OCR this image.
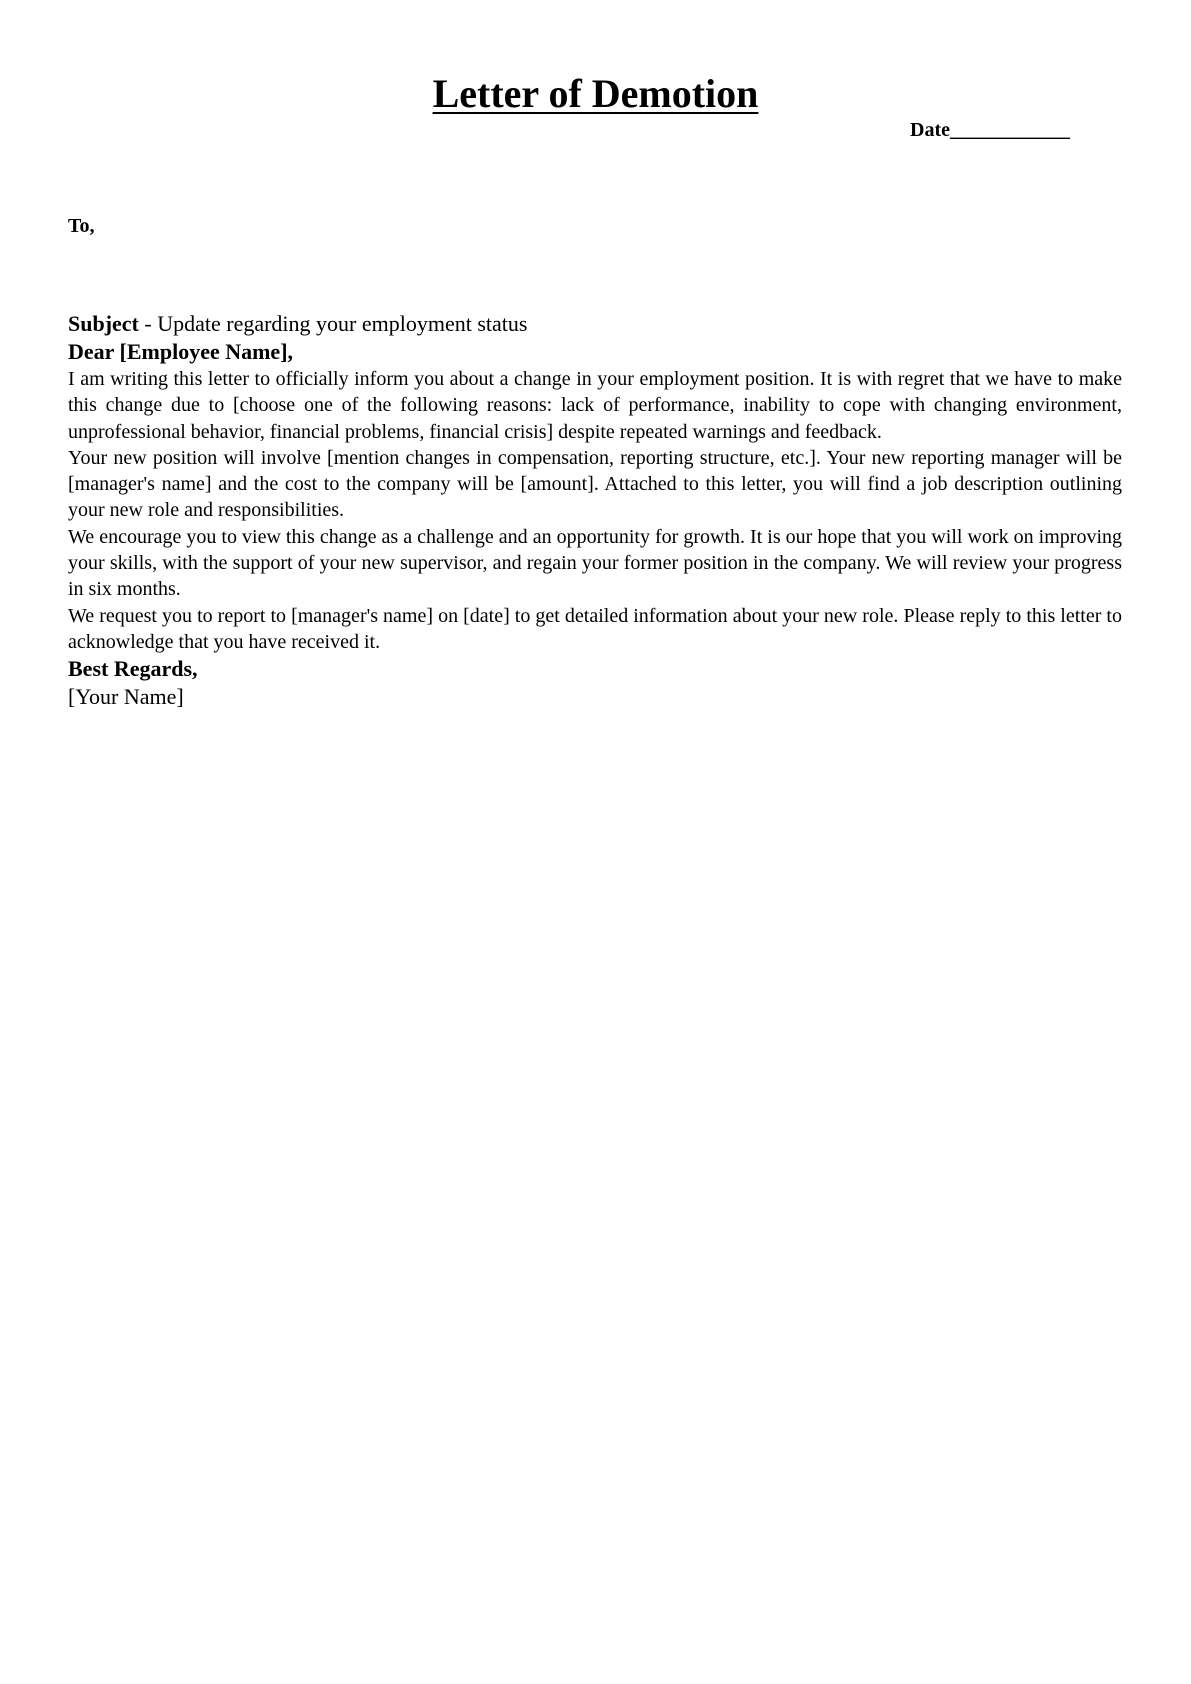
Letter of Demotion
Date____________
To,
Subject - Update regarding your employment status
Dear [Employee Name],

I am writing this letter to officially inform you about a change in your employment position. It is with regret that we have to make this change due to [choose one of the following reasons: lack of performance, inability to cope with changing environment, unprofessional behavior, financial problems, financial crisis] despite repeated warnings and feedback.

Your new position will involve [mention changes in compensation, reporting structure, etc.]. Your new reporting manager will be [manager's name] and the cost to the company will be [amount]. Attached to this letter, you will find a job description outlining your new role and responsibilities.

We encourage you to view this change as a challenge and an opportunity for growth. It is our hope that you will work on improving your skills, with the support of your new supervisor, and regain your former position in the company. We will review your progress in six months.

We request you to report to [manager's name] on [date] to get detailed information about your new role. Please reply to this letter to acknowledge that you have received it.

Best Regards,
[Your Name]
